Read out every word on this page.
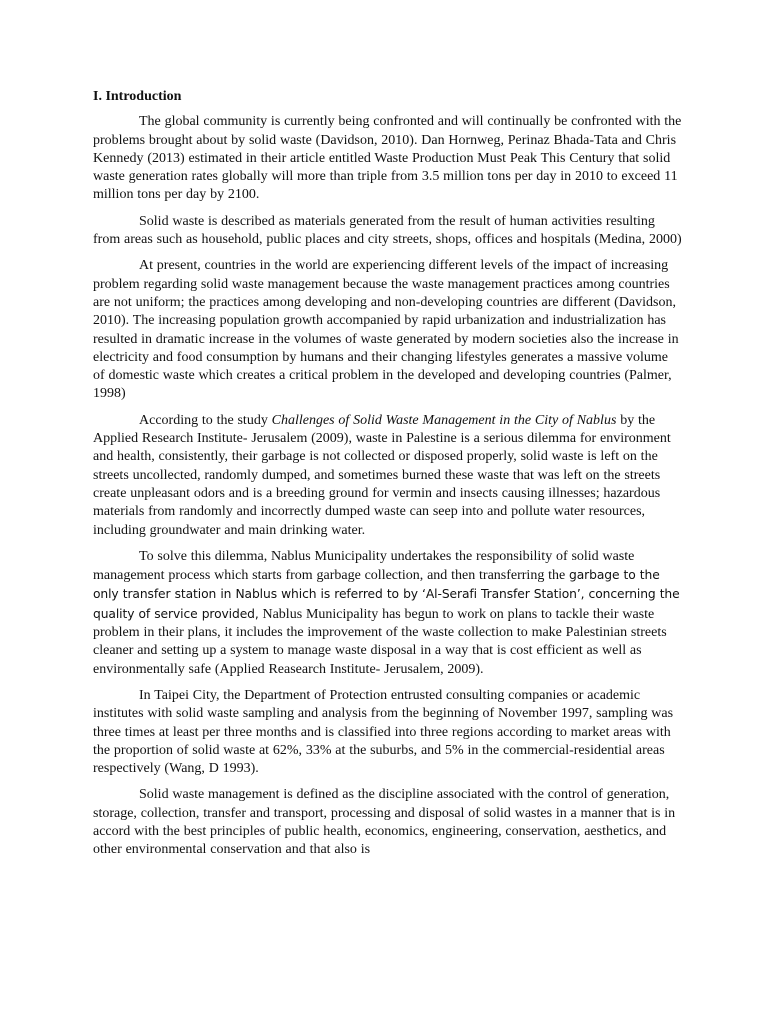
I. Introduction

The global community is currently being confronted and will continually be confronted with the problems brought about by solid waste (Davidson, 2010). Dan Hornweg, Perinaz Bhada-Tata and Chris Kennedy (2013) estimated in their article entitled Waste Production Must Peak This Century that solid waste generation rates globally will more than triple from 3.5 million tons per day in 2010 to exceed 11 million tons per day by 2100.

Solid waste is described as materials generated from the result of human activities resulting from areas such as household, public places and city streets, shops, offices and hospitals (Medina, 2000)

At present, countries in the world are experiencing different levels of the impact of increasing problem regarding solid waste management because the waste management practices among countries are not uniform; the practices among developing and non-developing countries are different (Davidson, 2010). The increasing population growth accompanied by rapid urbanization and industrialization has resulted in dramatic increase in the volumes of waste generated by modern societies also the increase in electricity and food consumption by humans and their changing lifestyles generates a massive volume of domestic waste which creates a critical problem in the developed and developing countries (Palmer, 1998)

According to the study Challenges of Solid Waste Management in the City of Nablus by the Applied Research Institute- Jerusalem (2009), waste in Palestine is a serious dilemma for environment and health, consistently, their garbage is not collected or disposed properly, solid waste is left on the streets uncollected, randomly dumped, and sometimes burned these waste that was left on the streets create unpleasant odors and is a breeding ground for vermin and insects causing illnesses; hazardous materials from randomly and incorrectly dumped waste can seep into and pollute water resources, including groundwater and main drinking water.

To solve this dilemma, Nablus Municipality undertakes the responsibility of solid waste management process which starts from garbage collection, and then transferring the garbage to the only transfer station in Nablus which is referred to by ‘Al-Serafi Transfer Station’, concerning the quality of service provided, Nablus Municipality has begun to work on plans to tackle their waste problem in their plans, it includes the improvement of the waste collection to make Palestinian streets cleaner and setting up a system to manage waste disposal in a way that is cost efficient as well as environmentally safe (Applied Reasearch Institute- Jerusalem, 2009).

In Taipei City, the Department of Protection entrusted consulting companies or academic institutes with solid waste sampling and analysis from the beginning of November 1997, sampling was three times at least per three months and is classified into three regions according to market areas with the proportion of solid waste at 62%, 33% at the suburbs, and 5% in the commercial-residential areas respectively (Wang, D 1993).

Solid waste management is defined as the discipline associated with the control of generation, storage, collection, transfer and transport, processing and disposal of solid wastes in a manner that is in accord with the best principles of public health, economics, engineering, conservation, aesthetics, and other environmental conservation and that also is
